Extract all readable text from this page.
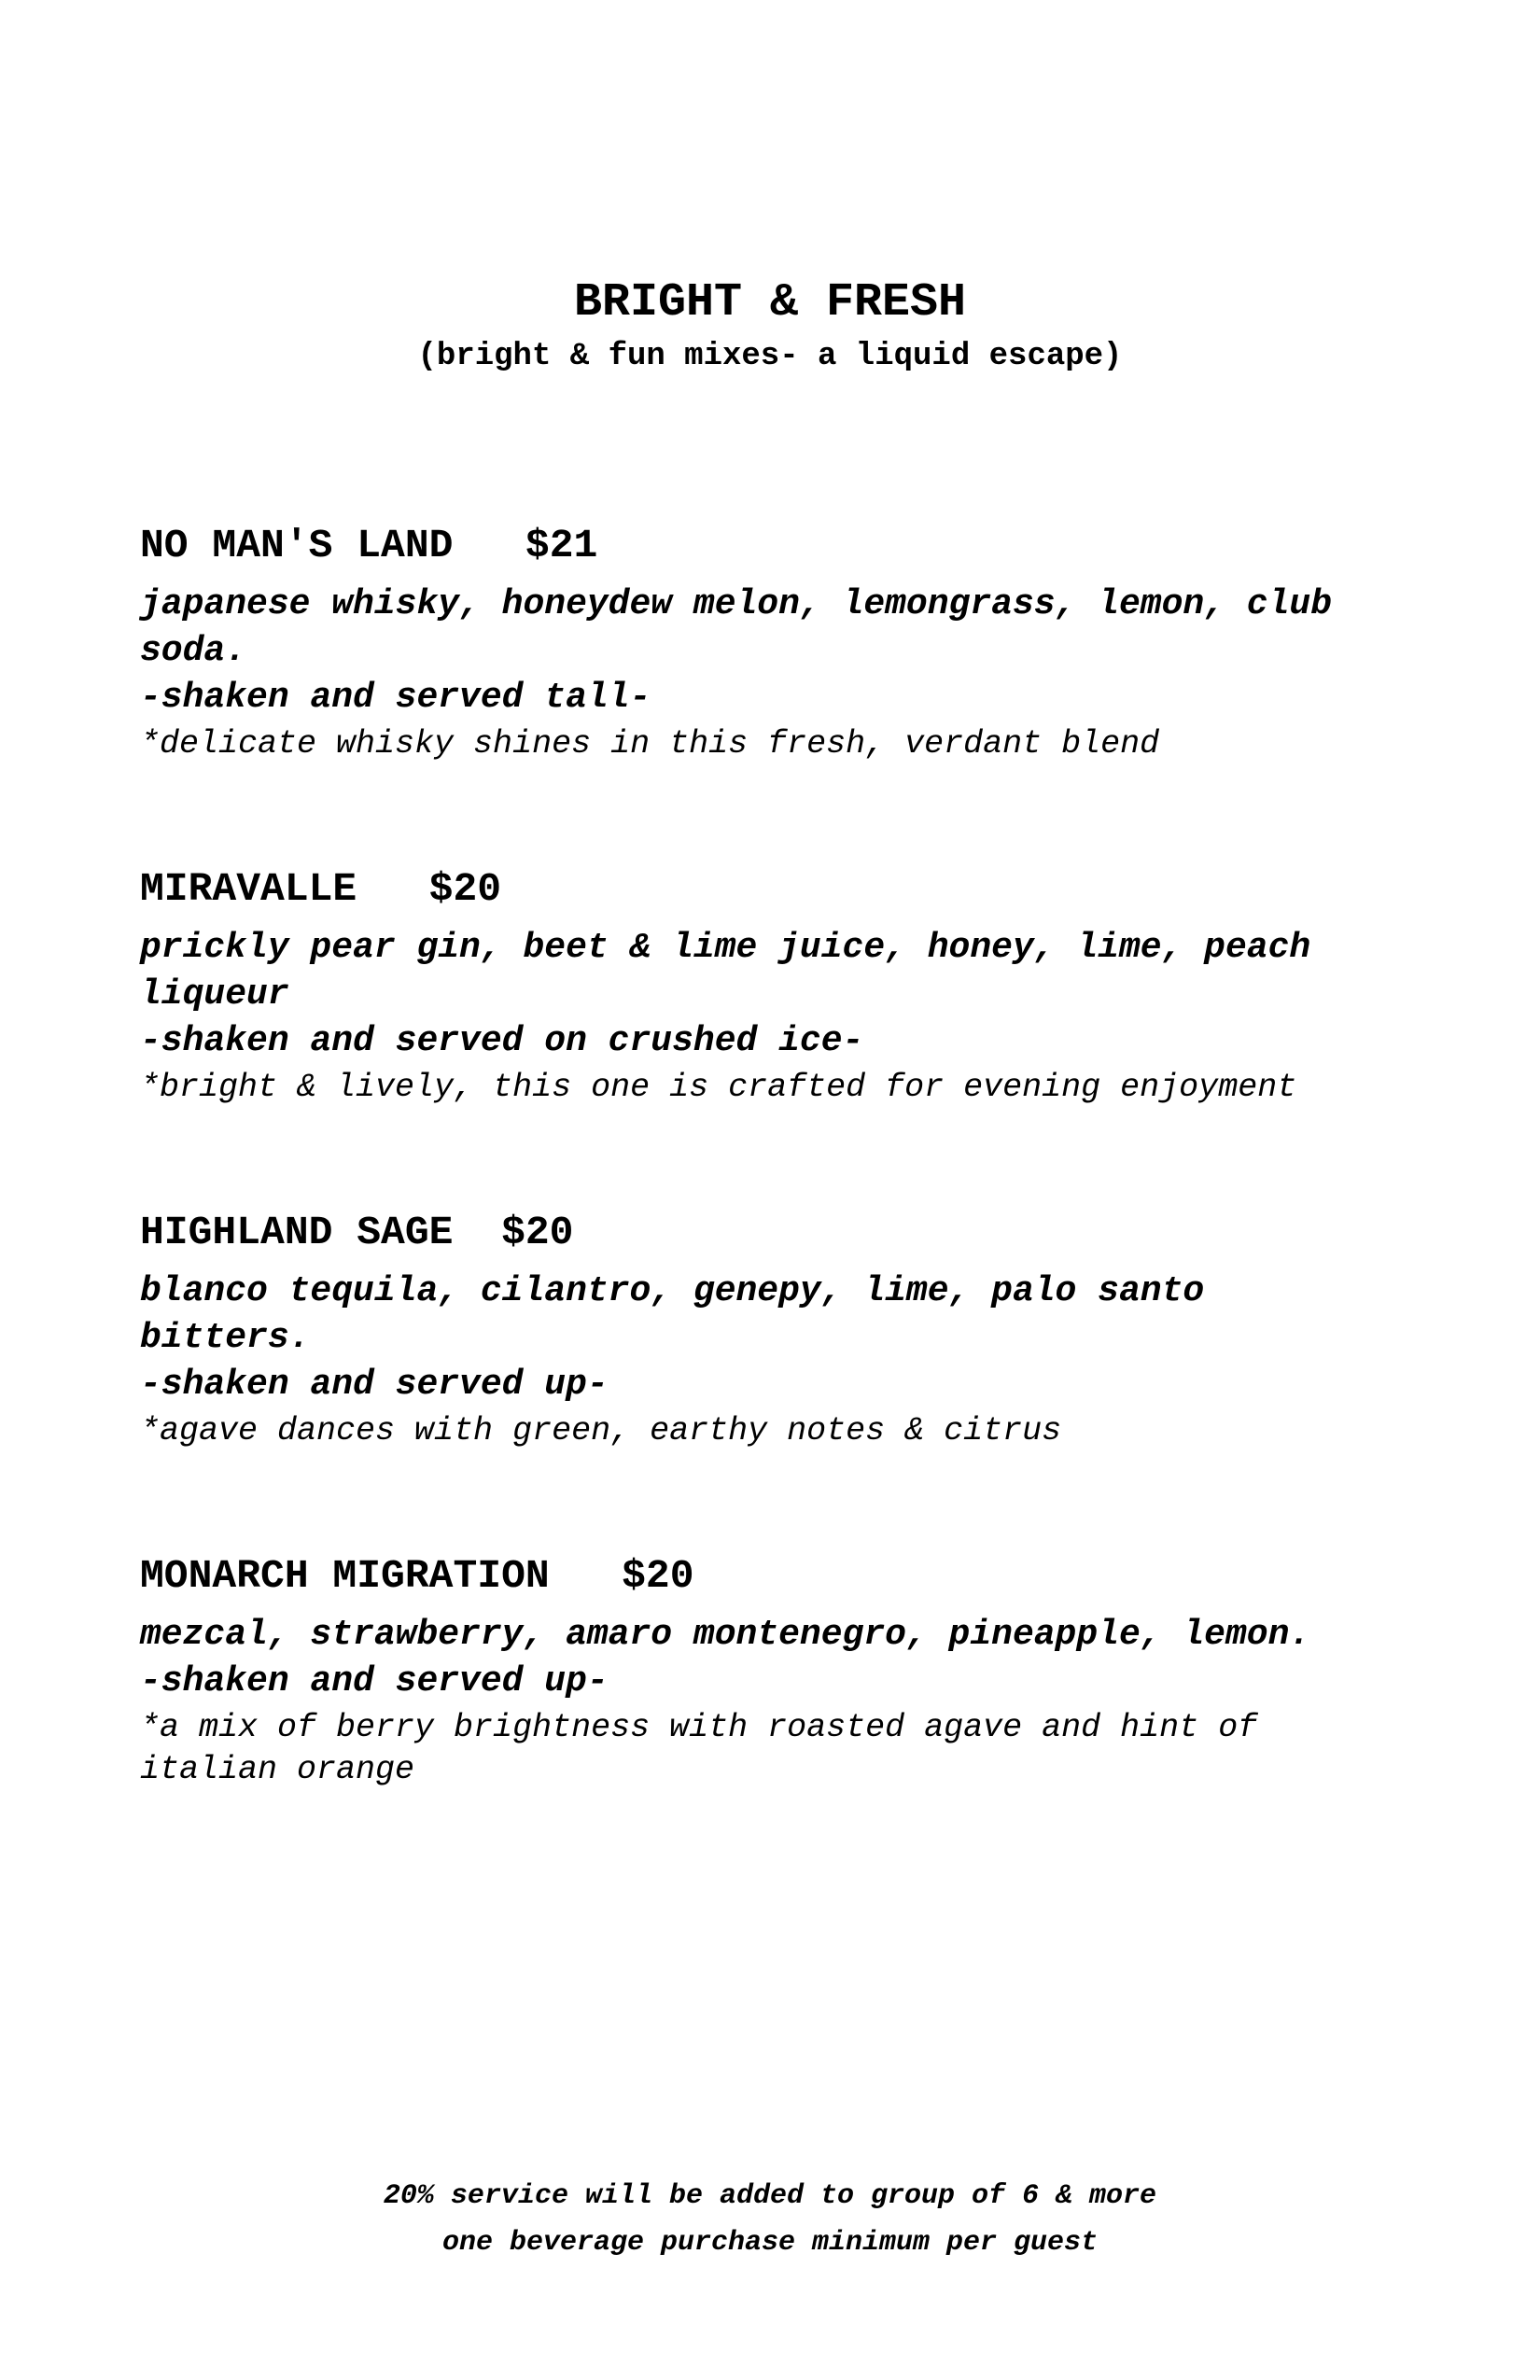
BRIGHT & FRESH

(bright & fun mixes- a liquid escape)

NO MAN'S LAND $21

japanese whisky, honeydew melon, lemongrass, lemon, club soda.

-shaken and served tall-

*delicate whisky shines in this fresh, verdant blend

MIRAVALLE $20

prickly pear gin, beet & lime juice, honey, lime, peach liqueur

-shaken and served on crushed ice-

*bright & lively, this one is crafted for evening enjoyment

HIGHLAND SAGE $20

blanco tequila, cilantro, genepy, lime, palo santo bitters.

-shaken and served up-

*agave dances with green, earthy notes & citrus

MONARCH MIGRATION $20

mezcal, strawberry, amaro montenegro, pineapple, lemon.

-shaken and served up-

*a mix of berry brightness with roasted agave and hint of italian orange

20% service will be added to group of 6 & more

one beverage purchase minimum per guest
